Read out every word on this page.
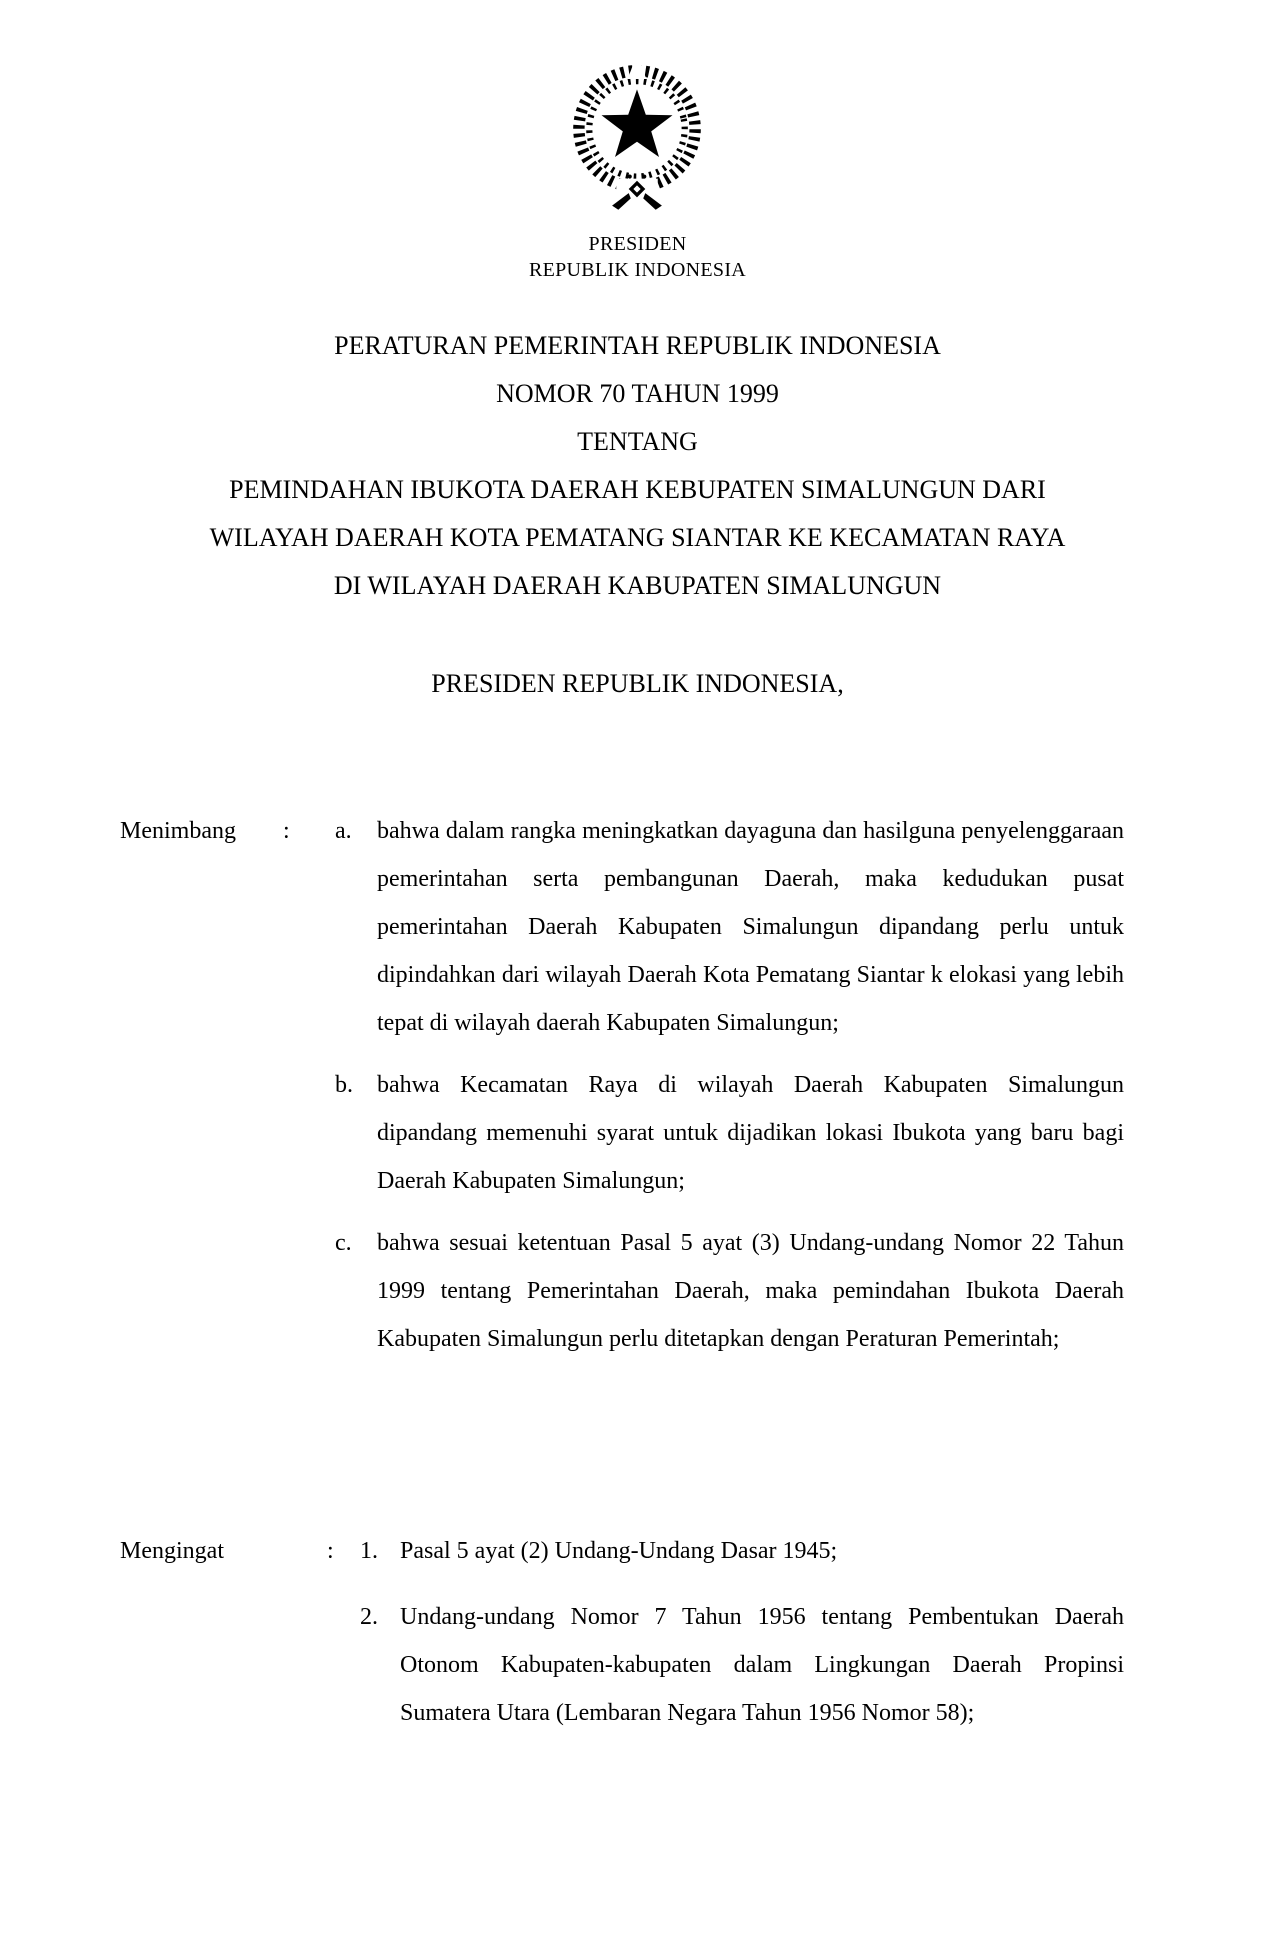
PRESIDEN
REPUBLIK INDONESIA
PERATURAN PEMERINTAH REPUBLIK INDONESIA
NOMOR 70 TAHUN 1999
TENTANG
PEMINDAHAN IBUKOTA DAERAH KEBUPATEN SIMALUNGUN DARI
WILAYAH DAERAH KOTA PEMATANG SIANTAR KE KECAMATAN RAYA
DI WILAYAH DAERAH KABUPATEN SIMALUNGUN
PRESIDEN REPUBLIK INDONESIA,
Menimbang	:	a.	bahwa dalam rangka meningkatkan dayaguna dan hasilguna penyelenggaraan pemerintahan serta pembangunan Daerah, maka kedudukan pusat pemerintahan Daerah Kabupaten Simalungun dipandang perlu untuk dipindahkan dari wilayah Daerah Kota Pematang Siantar k elokasi yang lebih tepat di wilayah daerah Kabupaten Simalungun;
b.	bahwa Kecamatan Raya di wilayah Daerah Kabupaten Simalungun dipandang memenuhi syarat untuk dijadikan lokasi Ibukota yang baru bagi Daerah Kabupaten Simalungun;
c.	bahwa sesuai ketentuan Pasal 5 ayat (3) Undang-undang Nomor 22 Tahun 1999 tentang Pemerintahan Daerah, maka pemindahan Ibukota Daerah Kabupaten Simalungun perlu ditetapkan dengan Peraturan Pemerintah;
Mengingat	:	1. Pasal 5 ayat (2) Undang-Undang Dasar 1945;
2. Undang-undang Nomor 7 Tahun 1956 tentang Pembentukan Daerah Otonom Kabupaten-kabupaten dalam Lingkungan Daerah Propinsi Sumatera Utara (Lembaran Negara Tahun 1956 Nomor 58);
